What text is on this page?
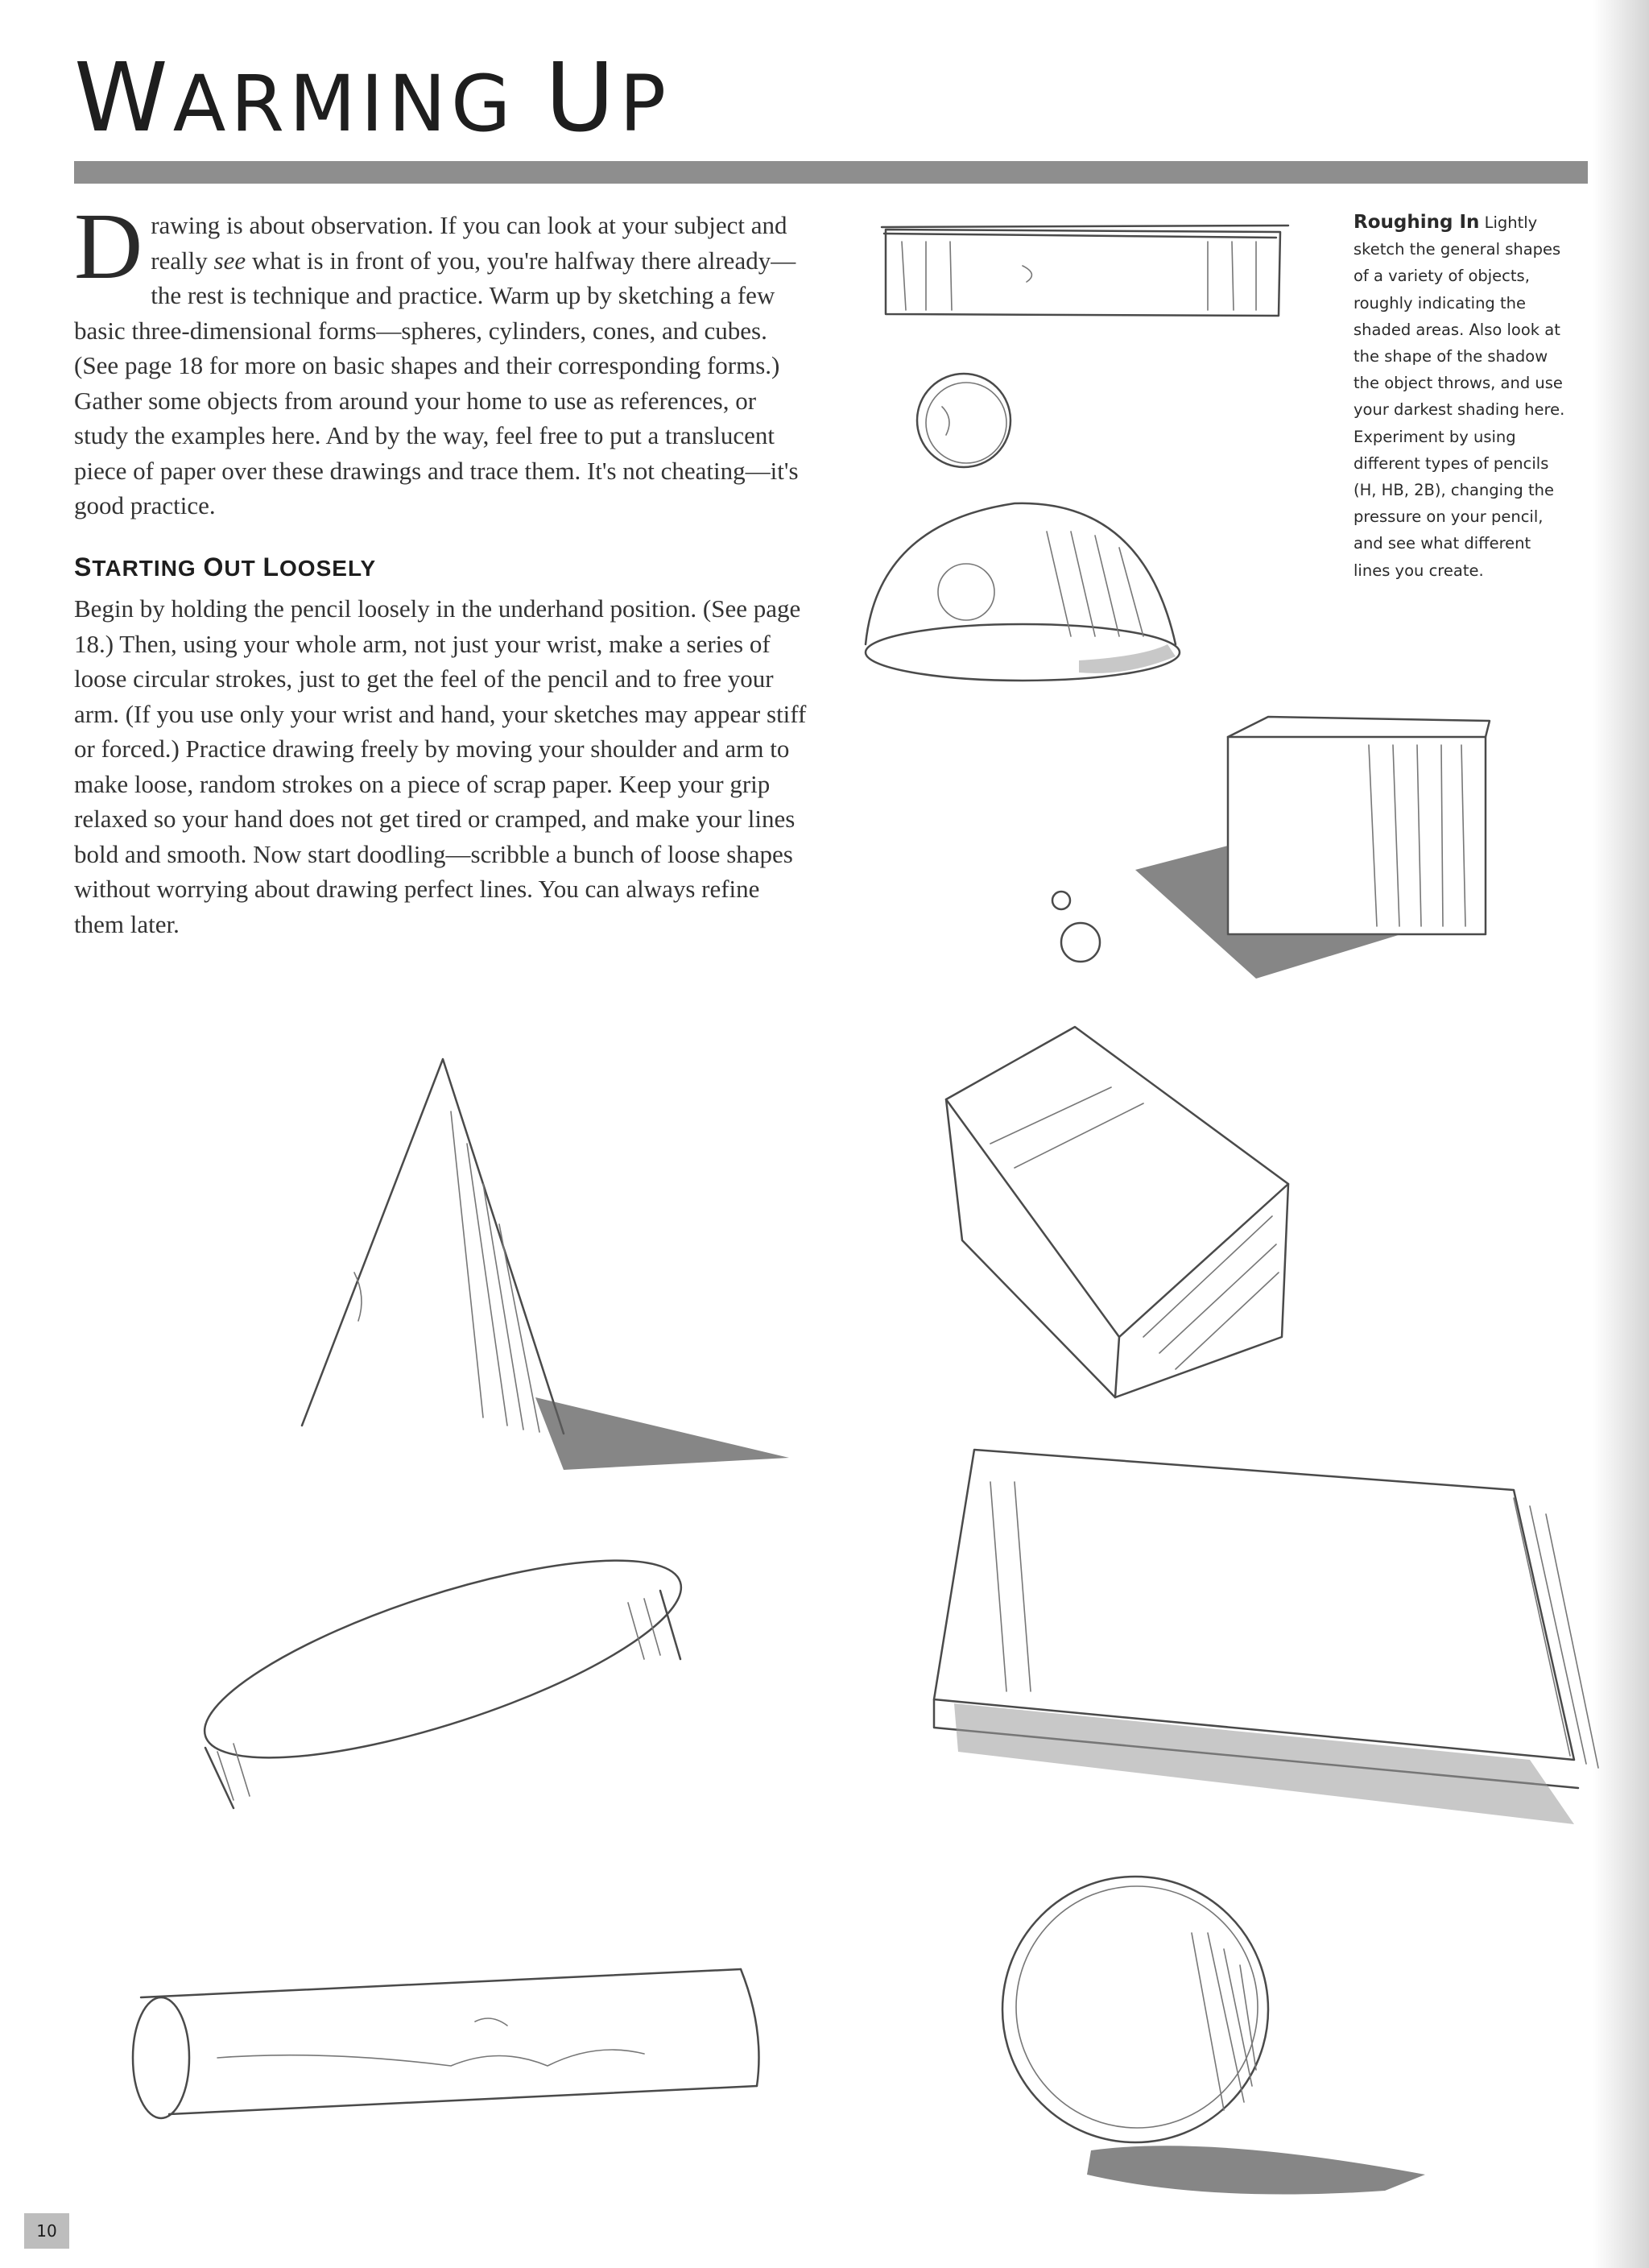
WARMING UP

Drawing is about observation. If you can look at your subject and really see what is in front of you, you're halfway there already—the rest is technique and practice. Warm up by sketching a few basic three-dimensional forms—spheres, cylinders, cones, and cubes. (See page 18 for more on basic shapes and their corresponding forms.) Gather some objects from around your home to use as references, or study the examples here. And by the way, feel free to put a translucent piece of paper over these drawings and trace them. It's not cheating—it's good practice.

STARTING OUT LOOSELY

Begin by holding the pencil loosely in the underhand position. (See page 18.) Then, using your whole arm, not just your wrist, make a series of loose circular strokes, just to get the feel of the pencil and to free your arm. (If you use only your wrist and hand, your sketches may appear stiff or forced.) Practice drawing freely by moving your shoulder and arm to make loose, random strokes on a piece of scrap paper. Keep your grip relaxed so your hand does not get tired or cramped, and make your lines bold and smooth. Now start doodling—scribble a bunch of loose shapes without worrying about drawing perfect lines. You can always refine them later.

Roughing In Lightly sketch the general shapes of a variety of objects, roughly indicating the shaded areas. Also look at the shape of the shadow the object throws, and use your darkest shading here. Experiment by using different types of pencils (H, HB, 2B), changing the pressure on your pencil, and see what different lines you create.

10
